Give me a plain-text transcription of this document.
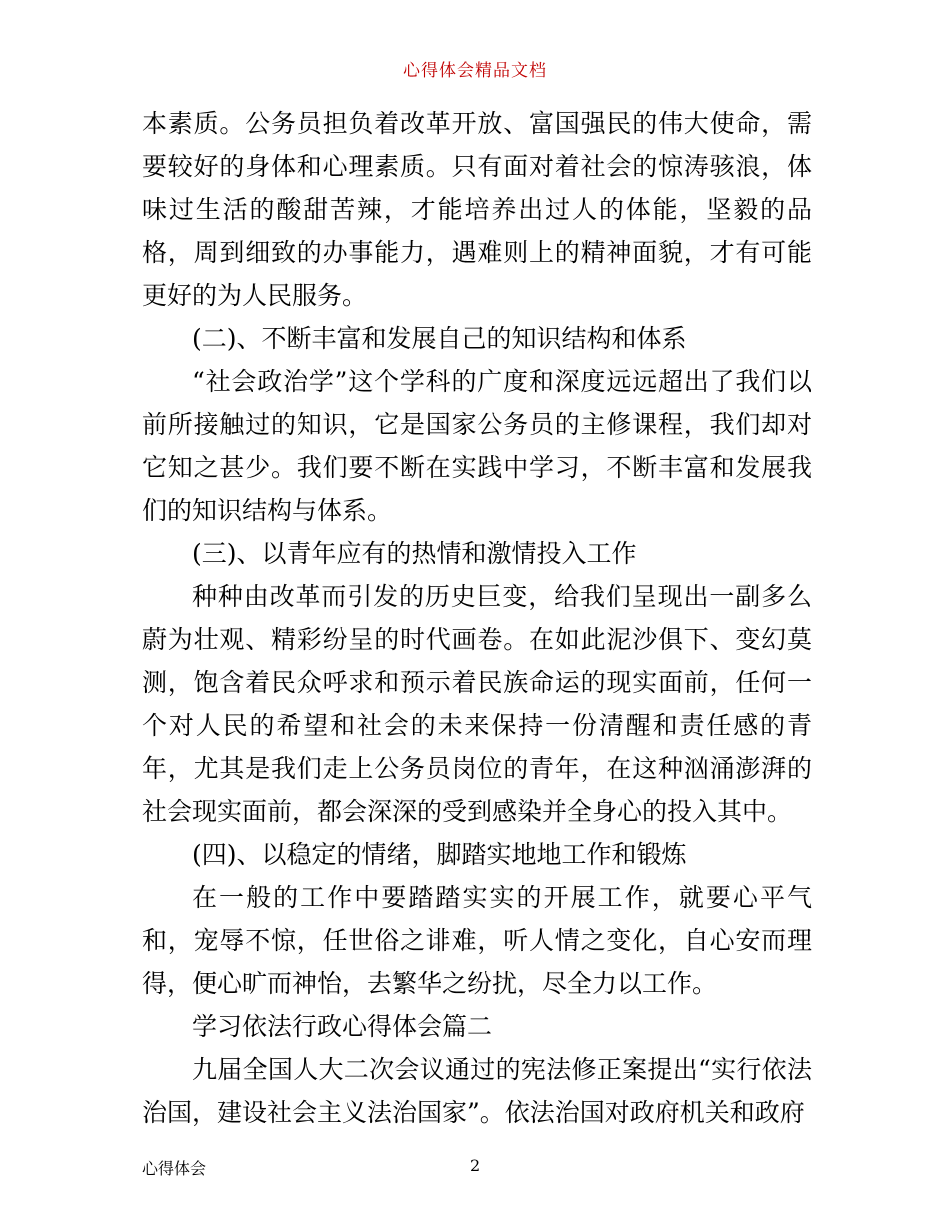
心得体会精品文档

本素质。公务员担负着改革开放、富国强民的伟大使命，需要较好的身体和心理素质。只有面对着社会的惊涛骇浪，体味过生活的酸甜苦辣，才能培养出过人的体能，坚毅的品格，周到细致的办事能力，遇难则上的精神面貌，才有可能更好的为人民服务。

(二)、不断丰富和发展自己的知识结构和体系

“社会政治学”这个学科的广度和深度远远超出了我们以前所接触过的知识，它是国家公务员的主修课程，我们却对它知之甚少。我们要不断在实践中学习，不断丰富和发展我们的知识结构与体系。

(三)、以青年应有的热情和激情投入工作

种种由改革而引发的历史巨变，给我们呈现出一副多么蔚为壮观、精彩纷呈的时代画卷。在如此泥沙俱下、变幻莫测，饱含着民众呼求和预示着民族命运的现实面前，任何一个对人民的希望和社会的未来保持一份清醒和责任感的青年，尤其是我们走上公务员岗位的青年，在这种汹涌澎湃的社会现实面前，都会深深的受到感染并全身心的投入其中。

(四)、以稳定的情绪，脚踏实地地工作和锻炼

在一般的工作中要踏踏实实的开展工作，就要心平气和，宠辱不惊，任世俗之诽难，听人情之变化，自心安而理得，便心旷而神怡，去繁华之纷扰，尽全力以工作。

学习依法行政心得体会篇二

九届全国人大二次会议通过的宪法修正案提出“实行依法治国，建设社会主义法治国家”。依法治国对政府机关和政府

心得体会	2
